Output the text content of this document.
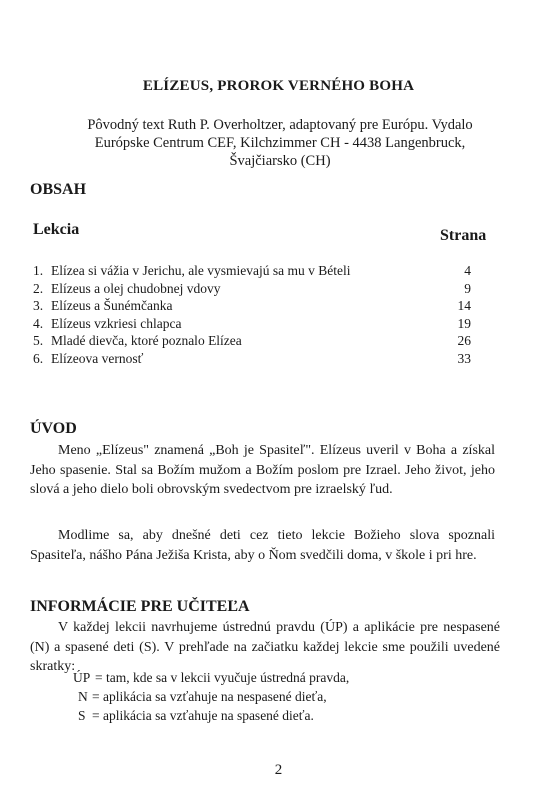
ELÍZEUS, PROROK VERNÉHO BOHA
Pôvodný text Ruth P. Overholtzer, adaptovaný pre Európu. Vydalo
Európske Centrum CEF, Kilchzimmer CH - 4438 Langenbruck,
Švajčiarsko (CH)
OBSAH
Lekcia	Strana
1. Elízea si vážia v Jerichu, ale vysmievajú sa mu v Bételi	4
2. Elízeus a olej chudobnej vdovy	9
3. Elízeus a Šunémčanka	14
4. Elízeus vzkriesi chlapca	19
5. Mladé dievča, ktoré poznalo Elízea	26
6. Elízeova vernosť	33
ÚVOD
Meno „Elízeus" znamená „Boh je Spasiteľ". Elízeus uveril v Boha a získal Jeho spasenie. Stal sa Božím mužom a Božím poslom pre Izrael. Jeho život, jeho slová a jeho dielo boli obrovským svedectvom pre izraelský ľud.
Modlime sa, aby dnešné deti cez tieto lekcie Božieho slova spoznali Spasiteľa, nášho Pána Ježiša Krista, aby o Ňom svedčili doma, v škole i pri hre.
INFORMÁCIE PRE UČITEĽA
V každej lekcii navrhujeme ústrednú pravdu (ÚP) a aplikácie pre nespasené (N) a spasené deti (S). V prehľade na začiatku každej lekcie sme použili uvedené skratky:
ÚP = tam, kde sa v lekcii vyučuje ústredná pravda,
N = aplikácia sa vzťahuje na nespasené dieťa,
S = aplikácia sa vzťahuje na spasené dieťa.
2
